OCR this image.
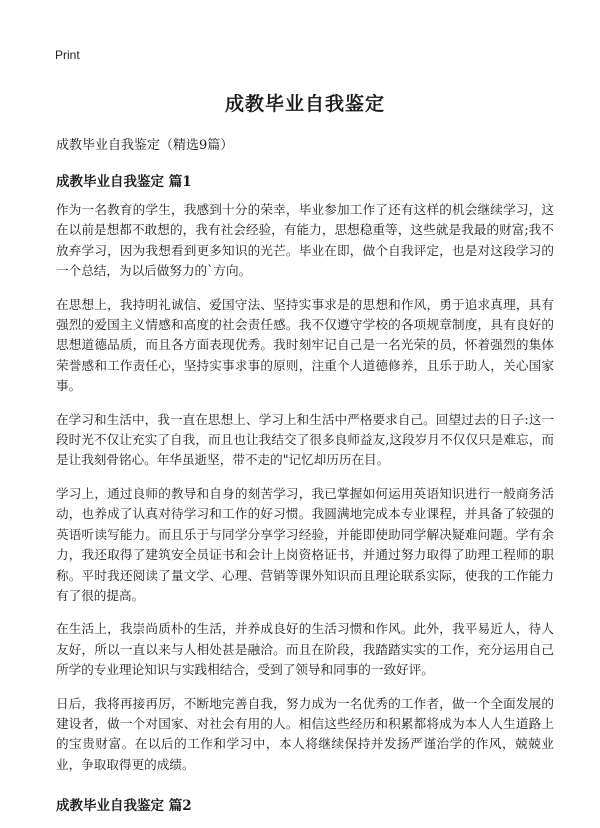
Print
成教毕业自我鉴定
成教毕业自我鉴定（精选9篇）
成教毕业自我鉴定 篇1

作为一名教育的学生，我感到十分的荣幸，毕业参加工作了还有这样的机会继续学习，这在以前是想都不敢想的，我有社会经验，有能力，思想稳重等，这些就是我最的财富;我不放弃学习，因为我想看到更多知识的光芒。毕业在即，做个自我评定，也是对这段学习的一个总结，为以后做努力的`方向。

在思想上，我持明礼诚信、爱国守法、坚持实事求是的思想和作风，勇于追求真理，具有强烈的爱国主义情感和高度的社会责任感。我不仅遵守学校的各项规章制度，具有良好的思想道德品质，而且各方面表现优秀。我时刻牢记自己是一名光荣的员，怀着强烈的集体荣誉感和工作责任心，坚持实事求事的原则，注重个人道德修养，且乐于助人，关心国家事。

在学习和生活中，我一直在思想上、学习上和生活中严格要求自己。回望过去的日子:这一段时光不仅让充实了自我，而且也让我结交了很多良师益友,这段岁月不仅仅只是难忘，而是让我刻骨铭心。年华虽逝坚，带不走的"记忆却历历在目。

学习上，通过良师的教导和自身的刻苦学习，我已掌握如何运用英语知识进行一般商务活动，也养成了认真对待学习和工作的好习惯。我圆满地完成本专业课程，并具备了较强的英语听读写能力。而且乐于与同学分享学习经验，并能即使助同学解决疑难问题。学有余力，我还取得了建筑安全员证书和会计上岗资格证书，并通过努力取得了助理工程师的职称。平时我还阅读了量文学、心理、营销等课外知识而且理论联系实际，使我的工作能力有了很的提高。

在生活上，我崇尚质朴的生活，并养成良好的生活习惯和作风。此外，我平易近人，待人友好，所以一直以来与人相处甚是融洽。而且在阶段，我踏踏实实的工作，充分运用自己所学的专业理论知识与实践相结合，受到了领导和同事的一致好评。

日后，我将再接再厉，不断地完善自我，努力成为一名优秀的工作者，做一个全面发展的建设者，做一个对国家、对社会有用的人。相信这些经历和积累都将成为本人人生道路上的宝贵财富。在以后的工作和学习中，本人将继续保持并发扬严谨治学的作风，兢兢业业，争取取得更的成绩。

成教毕业自我鉴定 篇2
